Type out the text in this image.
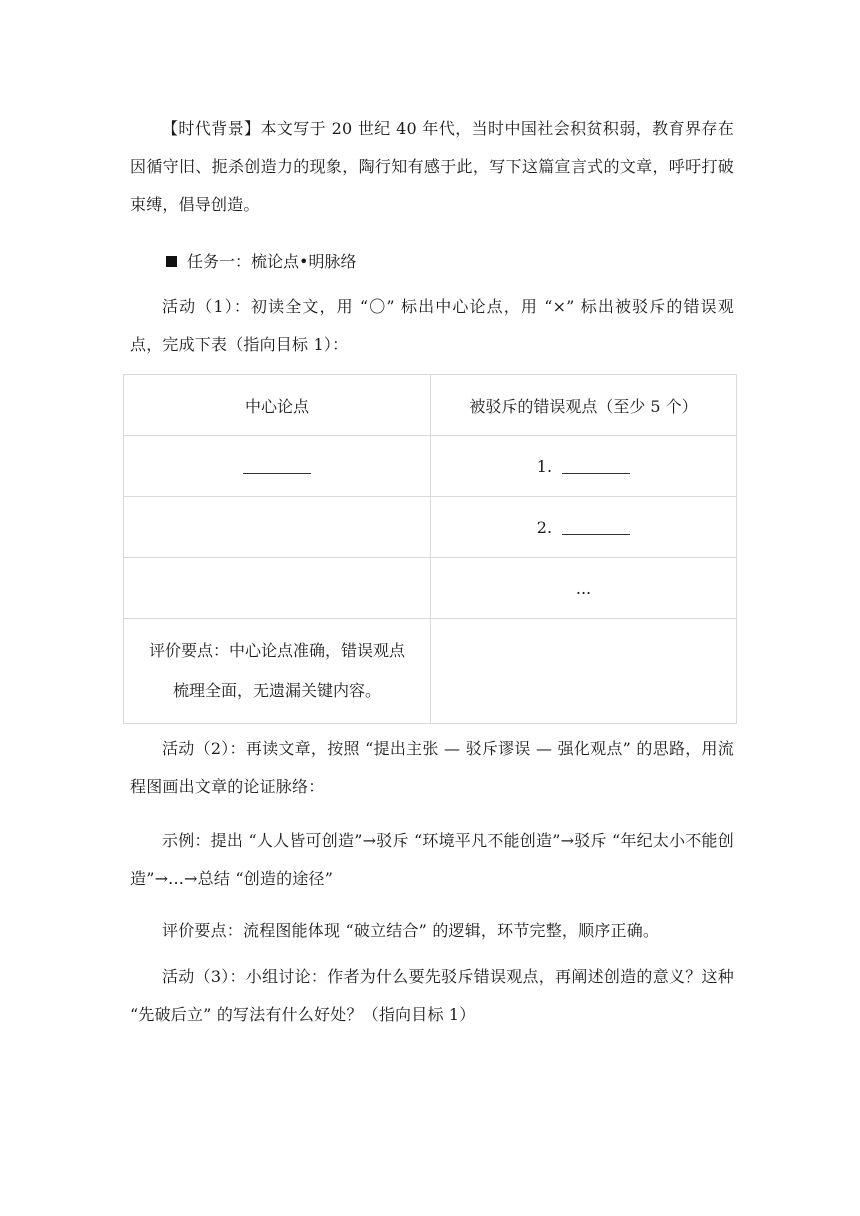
【时代背景】本文写于 20 世纪 40 年代，当时中国社会积贫积弱，教育界存在因循守旧、扼杀创造力的现象，陶行知有感于此，写下这篇宣言式的文章，呼吁打破束缚，倡导创造。

任务一：梳论点•明脉络

活动（1）：初读全文，用 “〇” 标出中心论点，用 “×” 标出被驳斥的错误观点，完成下表（指向目标 1）：

中心论点	被驳斥的错误观点（至少 5 个）
	1.
	2.
	...

评价要点：中心论点准确，错误观点梳理全面，无遗漏关键内容。	

活动（2）：再读文章，按照 “提出主张 — 驳斥谬误 — 强化观点” 的思路，用流程图画出文章的论证脉络：

示例：提出 “人人皆可创造”→驳斥 “环境平凡不能创造”→驳斥 “年纪太小不能创造”→...→总结 “创造的途径”

评价要点：流程图能体现 “破立结合” 的逻辑，环节完整，顺序正确。

活动（3）：小组讨论：作者为什么要先驳斥错误观点，再阐述创造的意义？这种 “先破后立” 的写法有什么好处？（指向目标 1）
